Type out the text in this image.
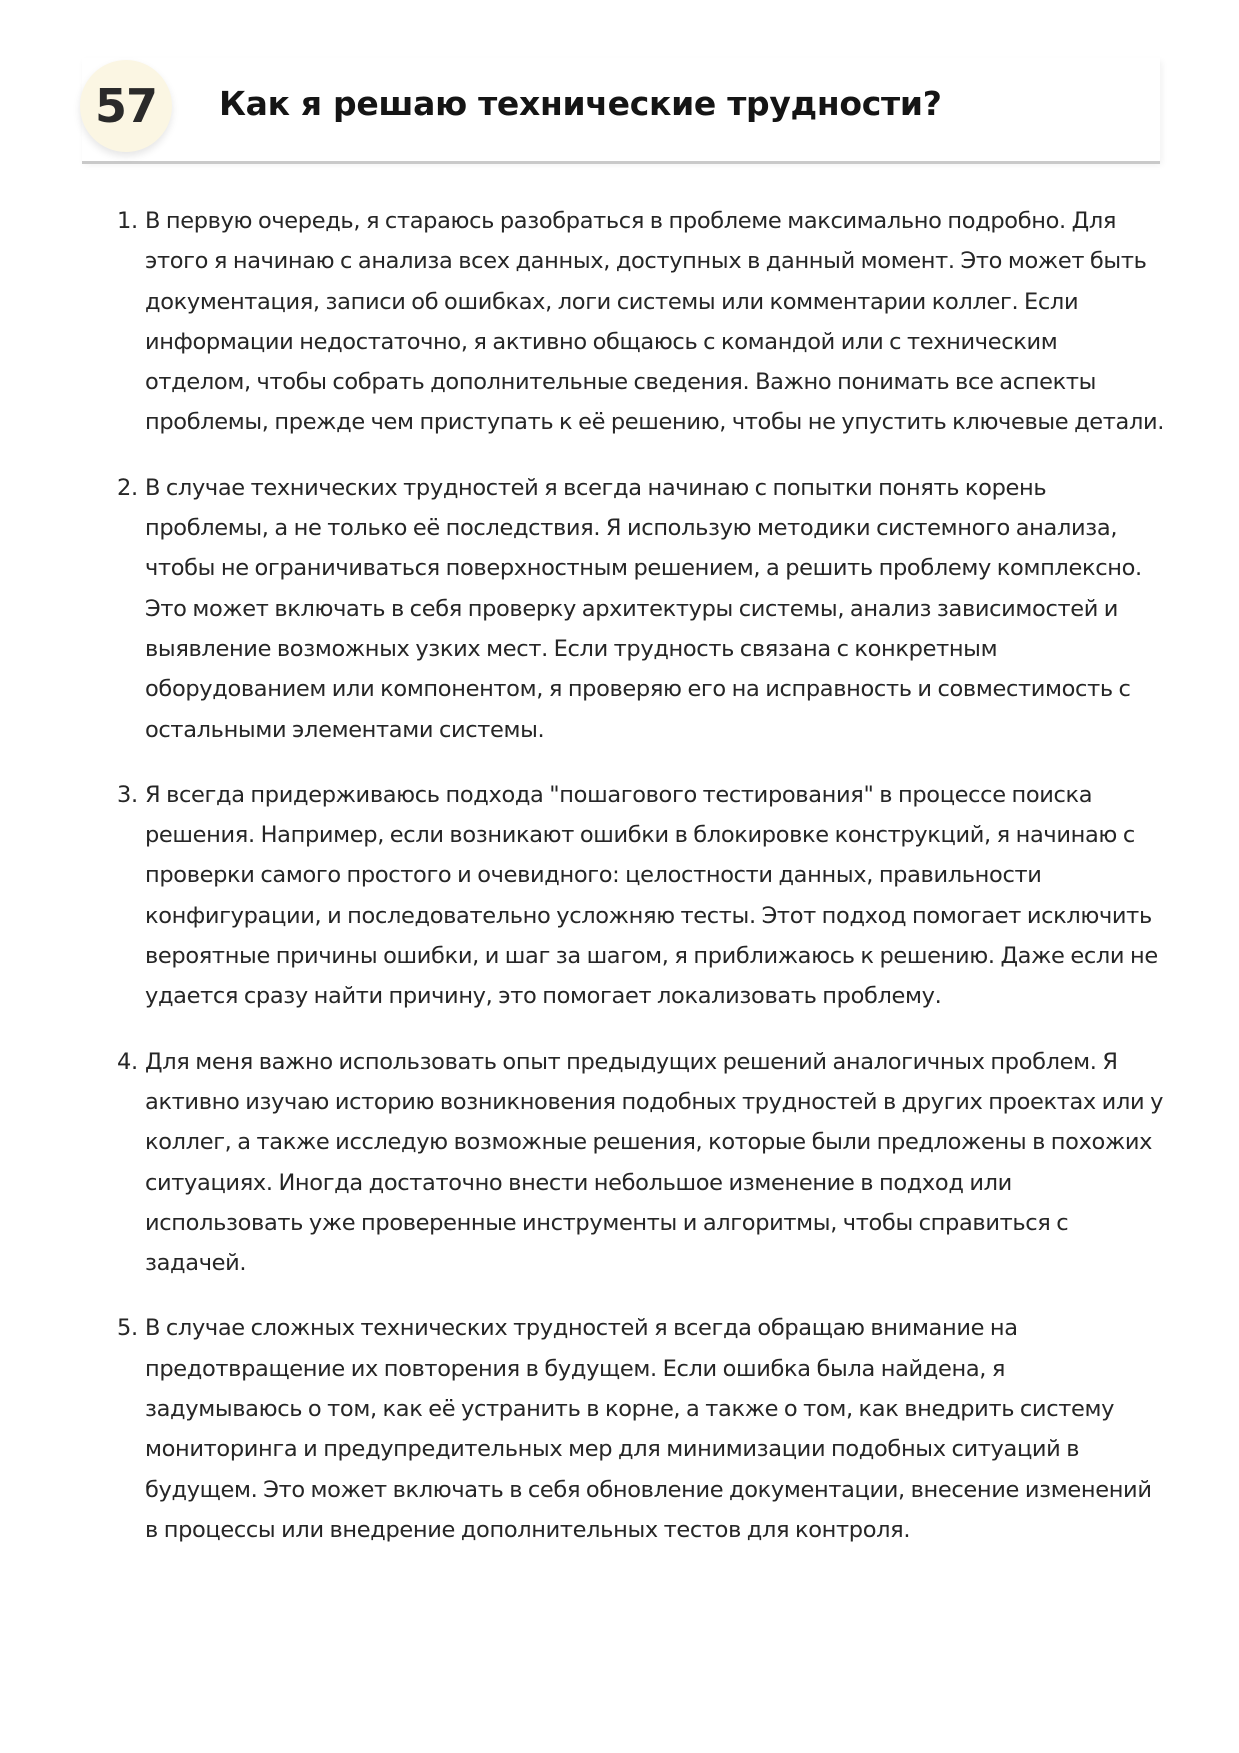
57 Как я решаю технические трудности?
1. В первую очередь, я стараюсь разобраться в проблеме максимально подробно. Для этого я начинаю с анализа всех данных, доступных в данный момент. Это может быть документация, записи об ошибках, логи системы или комментарии коллег. Если информации недостаточно, я активно общаюсь с командой или с техническим отделом, чтобы собрать дополнительные сведения. Важно понимать все аспекты проблемы, прежде чем приступать к её решению, чтобы не упустить ключевые детали.
2. В случае технических трудностей я всегда начинаю с попытки понять корень проблемы, а не только её последствия. Я использую методики системного анализа, чтобы не ограничиваться поверхностным решением, а решить проблему комплексно. Это может включать в себя проверку архитектуры системы, анализ зависимостей и выявление возможных узких мест. Если трудность связана с конкретным оборудованием или компонентом, я проверяю его на исправность и совместимость с остальными элементами системы.
3. Я всегда придерживаюсь подхода "пошагового тестирования" в процессе поиска решения. Например, если возникают ошибки в блокировке конструкций, я начинаю с проверки самого простого и очевидного: целостности данных, правильности конфигурации, и последовательно усложняю тесты. Этот подход помогает исключить вероятные причины ошибки, и шаг за шагом, я приближаюсь к решению. Даже если не удается сразу найти причину, это помогает локализовать проблему.
4. Для меня важно использовать опыт предыдущих решений аналогичных проблем. Я активно изучаю историю возникновения подобных трудностей в других проектах или у коллег, а также исследую возможные решения, которые были предложены в похожих ситуациях. Иногда достаточно внести небольшое изменение в подход или использовать уже проверенные инструменты и алгоритмы, чтобы справиться с задачей.
5. В случае сложных технических трудностей я всегда обращаю внимание на предотвращение их повторения в будущем. Если ошибка была найдена, я задумываюсь о том, как её устранить в корне, а также о том, как внедрить систему мониторинга и предупредительных мер для минимизации подобных ситуаций в будущем. Это может включать в себя обновление документации, внесение изменений в процессы или внедрение дополнительных тестов для контроля.
